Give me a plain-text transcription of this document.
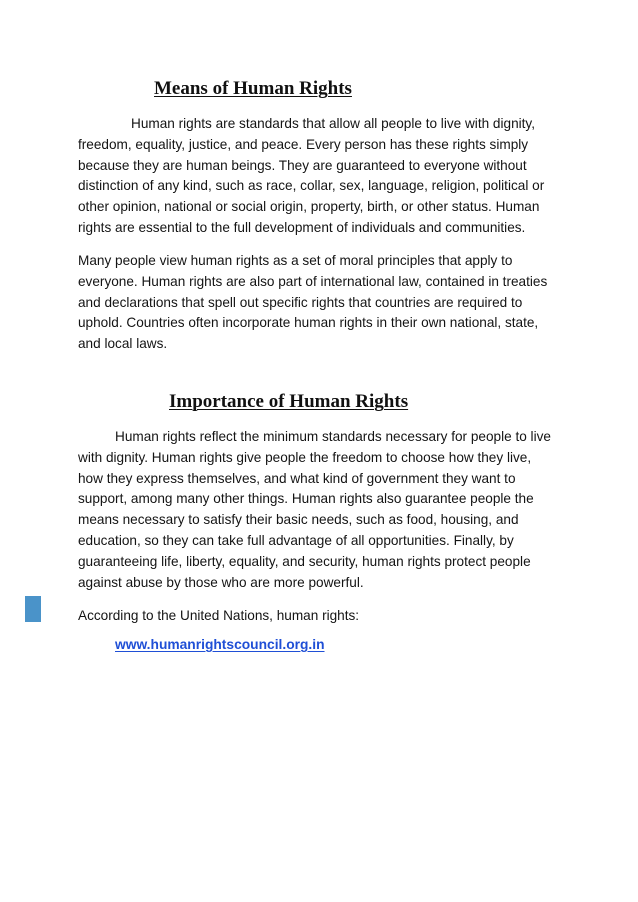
Means of Human Rights

Human rights are standards that allow all people to live with dignity,
freedom, equality, justice, and peace. Every person has these rights simply
because they are human beings. They are guaranteed to everyone without
distinction of any kind, such as race, collar, sex, language, religion, political or
other opinion, national or social origin, property, birth, or other status. Human
rights are essential to the full development of individuals and communities.

Many people view human rights as a set of moral principles that apply to
everyone. Human rights are also part of international law, contained in treaties
and declarations that spell out specific rights that countries are required to
uphold. Countries often incorporate human rights in their own national, state,
and local laws.

Importance of Human Rights

Human rights reflect the minimum standards necessary for people to live
with dignity. Human rights give people the freedom to choose how they live,
how they express themselves, and what kind of government they want to
support, among many other things. Human rights also guarantee people the
means necessary to satisfy their basic needs, such as food, housing, and
education, so they can take full advantage of all opportunities. Finally, by
guaranteeing life, liberty, equality, and security, human rights protect people
against abuse by those who are more powerful.

According to the United Nations, human rights:

www.humanrightscouncil.org.in
